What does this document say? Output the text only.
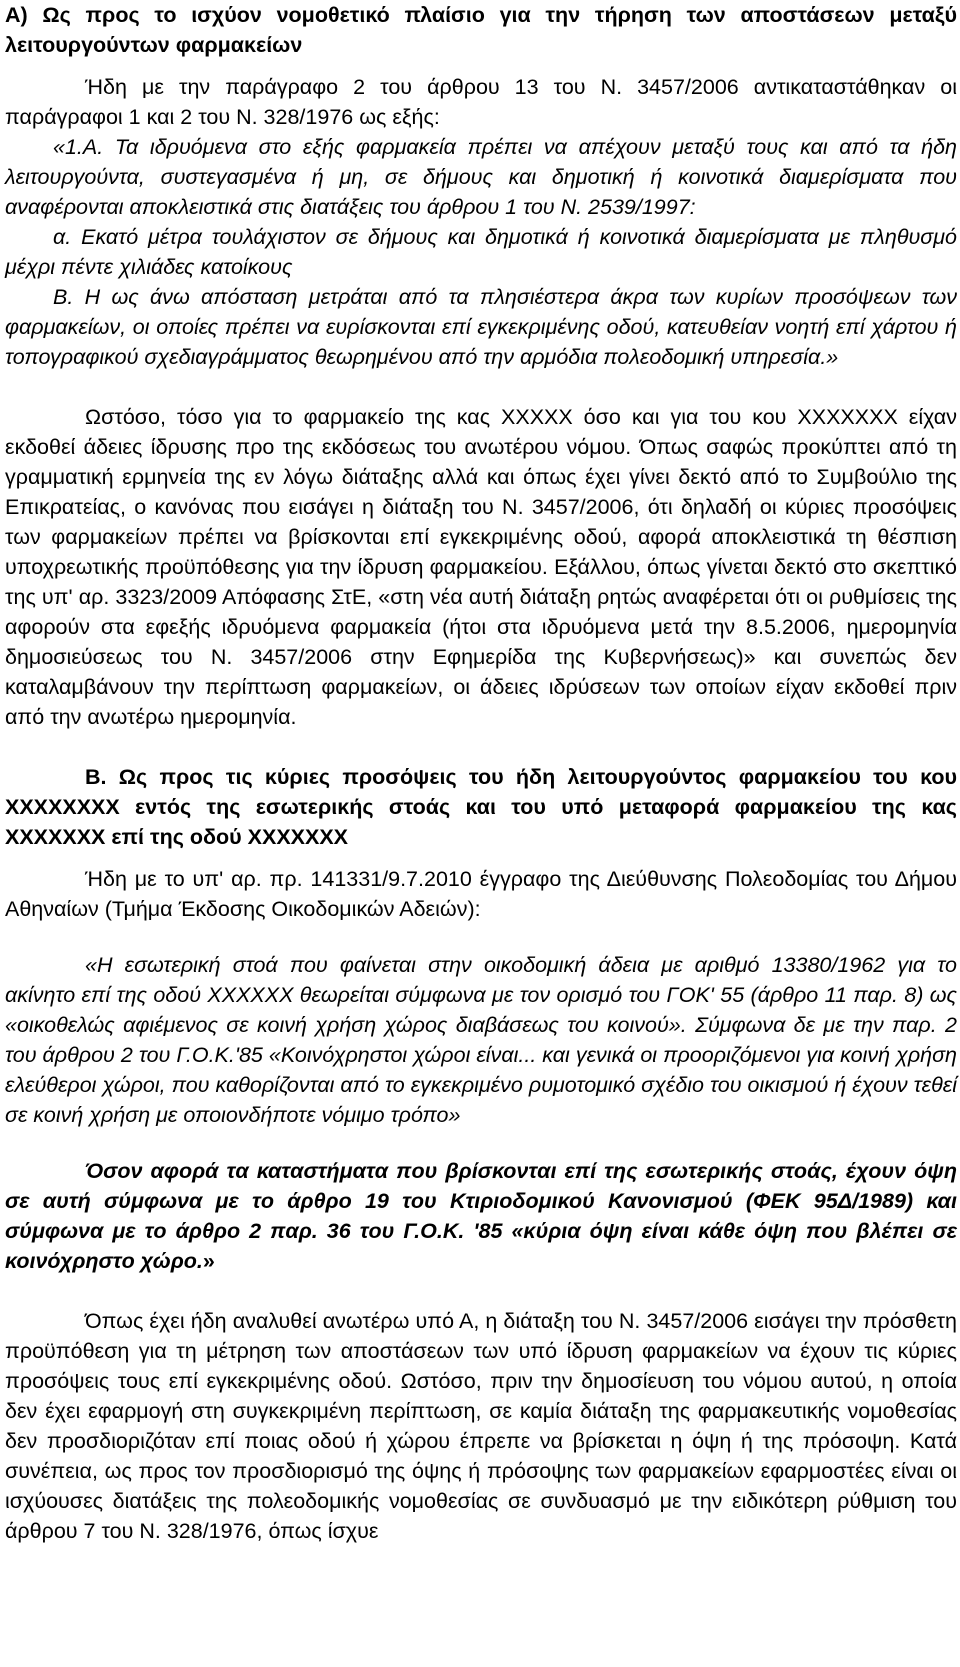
Α) Ως προς το ισχύον νομοθετικό πλαίσιο για την τήρηση των αποστάσεων μεταξύ λειτουργούντων φαρμακείων

Ήδη με την παράγραφο 2 του άρθρου 13 του Ν. 3457/2006 αντικαταστάθηκαν οι παράγραφοι 1 και 2 του Ν. 328/1976 ως εξής:

«1.Α. Τα ιδρυόμενα στο εξής φαρμακεία πρέπει να απέχουν μεταξύ τους και από τα ήδη λειτουργούντα, συστεγασμένα ή μη, σε δήμους και δημοτική ή κοινοτικά διαμερίσματα που αναφέρονται αποκλειστικά στις διατάξεις του άρθρου 1 του Ν. 2539/1997:

α. Εκατό μέτρα τουλάχιστον σε δήμους και δημοτικά ή κοινοτικά διαμερίσματα με πληθυσμό μέχρι πέντε χιλιάδες κατοίκους

Β. Η ως άνω απόσταση μετράται από τα πλησιέστερα άκρα των κυρίων προσόψεων των φαρμακείων, οι οποίες πρέπει να ευρίσκονται επί εγκεκριμένης οδού, κατευθείαν νοητή επί χάρτου ή τοπογραφικού σχεδιαγράμματος θεωρημένου από την αρμόδια πολεοδομική υπηρεσία.»

Ωστόσο, τόσο για το φαρμακείο της κας ΧΧΧΧΧ όσο και για του κου ΧΧΧΧΧΧΧ είχαν εκδοθεί άδειες ίδρυσης προ της εκδόσεως του ανωτέρου νόμου. Όπως σαφώς προκύπτει από τη γραμματική ερμηνεία της εν λόγω διάταξης αλλά και όπως έχει γίνει δεκτό από το Συμβούλιο της Επικρατείας, ο κανόνας που εισάγει η διάταξη του Ν. 3457/2006, ότι δηλαδή οι κύριες προσόψεις των φαρμακείων πρέπει να βρίσκονται επί εγκεκριμένης οδού, αφορά αποκλειστικά τη θέσπιση υποχρεωτικής προϋπόθεσης για την ίδρυση φαρμακείου. Εξάλλου, όπως γίνεται δεκτό στο σκεπτικό της υπ' αρ. 3323/2009 Απόφασης ΣτΕ, «στη νέα αυτή διάταξη ρητώς αναφέρεται ότι οι ρυθμίσεις της αφορούν στα εφεξής ιδρυόμενα φαρμακεία (ήτοι στα ιδρυόμενα μετά την 8.5.2006, ημερομηνία δημοσιεύσεως του Ν. 3457/2006 στην Εφημερίδα της Κυβερνήσεως)» και συνεπώς δεν καταλαμβάνουν την περίπτωση φαρμακείων, οι άδειες ιδρύσεων των οποίων είχαν εκδοθεί πριν από την ανωτέρω ημερομηνία.

Β. Ως προς τις κύριες προσόψεις του ήδη λειτουργούντος φαρμακείου του κου ΧΧΧΧΧΧΧΧ εντός της εσωτερικής στοάς και του υπό μεταφορά φαρμακείου της κας ΧΧΧΧΧΧΧ επί της οδού ΧΧΧΧΧΧΧ

Ήδη με το υπ' αρ. πρ. 141331/9.7.2010 έγγραφο της Διεύθυνσης Πολεοδομίας του Δήμου Αθηναίων (Τμήμα Έκδοσης Οικοδομικών Αδειών):

«Η εσωτερική στοά που φαίνεται στην οικοδομική άδεια με αριθμό 13380/1962 για το ακίνητο επί της οδού ΧΧΧΧΧΧ θεωρείται σύμφωνα με τον ορισμό του ΓΟΚ' 55 (άρθρο 11 παρ. 8) ως «οικοθελώς αφιέμενος σε κοινή χρήση χώρος διαβάσεως του κοινού». Σύμφωνα δε με την παρ. 2 του άρθρου 2 του Γ.Ο.Κ.'85 «Κοινόχρηστοι χώροι είναι... και γενικά οι προοριζόμενοι για κοινή χρήση ελεύθεροι χώροι, που καθορίζονται από το εγκεκριμένο ρυμοτομικό σχέδιο του οικισμού ή έχουν τεθεί σε κοινή χρήση με οποιονδήποτε νόμιμο τρόπο»

Όσον αφορά τα καταστήματα που βρίσκονται επί της εσωτερικής στοάς, έχουν όψη σε αυτή σύμφωνα με το άρθρο 19 του Κτιριοδομικού Κανονισμού (ΦΕΚ 95Δ/1989) και σύμφωνα με το άρθρο 2 παρ. 36 του Γ.Ο.Κ. '85 «κύρια όψη είναι κάθε όψη που βλέπει σε κοινόχρηστο χώρο.»

Όπως έχει ήδη αναλυθεί ανωτέρω υπό Α, η διάταξη του Ν. 3457/2006 εισάγει την πρόσθετη προϋπόθεση για τη μέτρηση των αποστάσεων των υπό ίδρυση φαρμακείων να έχουν τις κύριες προσόψεις τους επί εγκεκριμένης οδού. Ωστόσο, πριν την δημοσίευση του νόμου αυτού, η οποία δεν έχει εφαρμογή στη συγκεκριμένη περίπτωση, σε καμία διάταξη της φαρμακευτικής νομοθεσίας δεν προσδιοριζόταν επί ποιας οδού ή χώρου έπρεπε να βρίσκεται η όψη ή της πρόσοψη. Κατά συνέπεια, ως προς τον προσδιορισμό της όψης ή πρόσοψης των φαρμακείων εφαρμοστέες είναι οι ισχύουσες διατάξεις της πολεοδομικής νομοθεσίας σε συνδυασμό με την ειδικότερη ρύθμιση του άρθρου 7 του Ν. 328/1976, όπως ίσχυε
